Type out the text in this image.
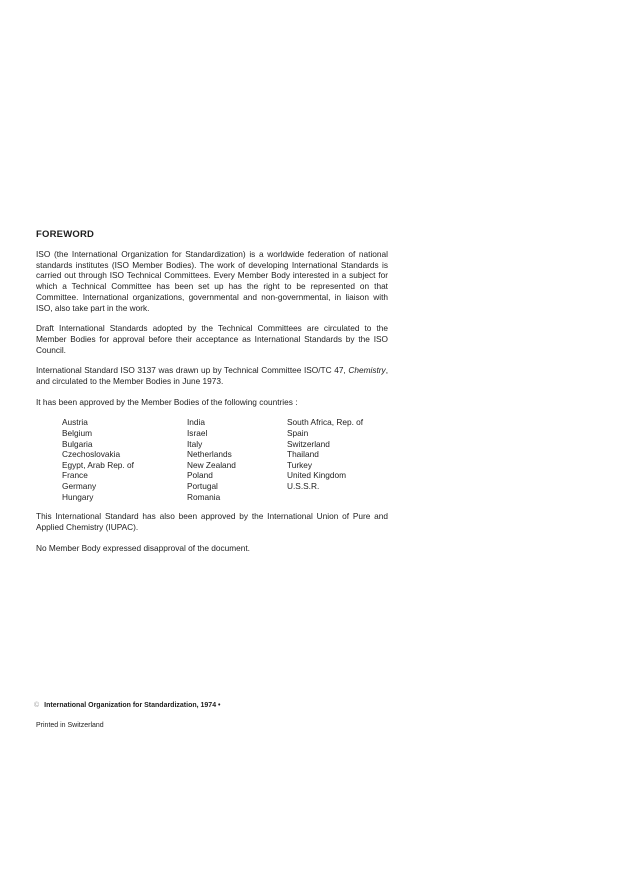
FOREWORD

ISO (the International Organization for Standardization) is a worldwide federation of national standards institutes (ISO Member Bodies). The work of developing International Standards is carried out through ISO Technical Committees. Every Member Body interested in a subject for which a Technical Committee has been set up has the right to be represented on that Committee. International organizations, governmental and non-governmental, in liaison with ISO, also take part in the work.

Draft International Standards adopted by the Technical Committees are circulated to the Member Bodies for approval before their acceptance as International Standards by the ISO Council.

International Standard ISO 3137 was drawn up by Technical Committee ISO/TC 47, Chemistry, and circulated to the Member Bodies in June 1973.

It has been approved by the Member Bodies of the following countries :

Austria
Belgium
Bulgaria
Czechoslovakia
Egypt, Arab Rep. of
France
Germany
Hungary
India
Israel
Italy
Netherlands
New Zealand
Poland
Portugal
Romania
South Africa, Rep. of
Spain
Switzerland
Thailand
Turkey
United Kingdom
U.S.S.R.

This International Standard has also been approved by the International Union of Pure and Applied Chemistry (IUPAC).

No Member Body expressed disapproval of the document.

© International Organization for Standardization, 1974 •
Printed in Switzerland
